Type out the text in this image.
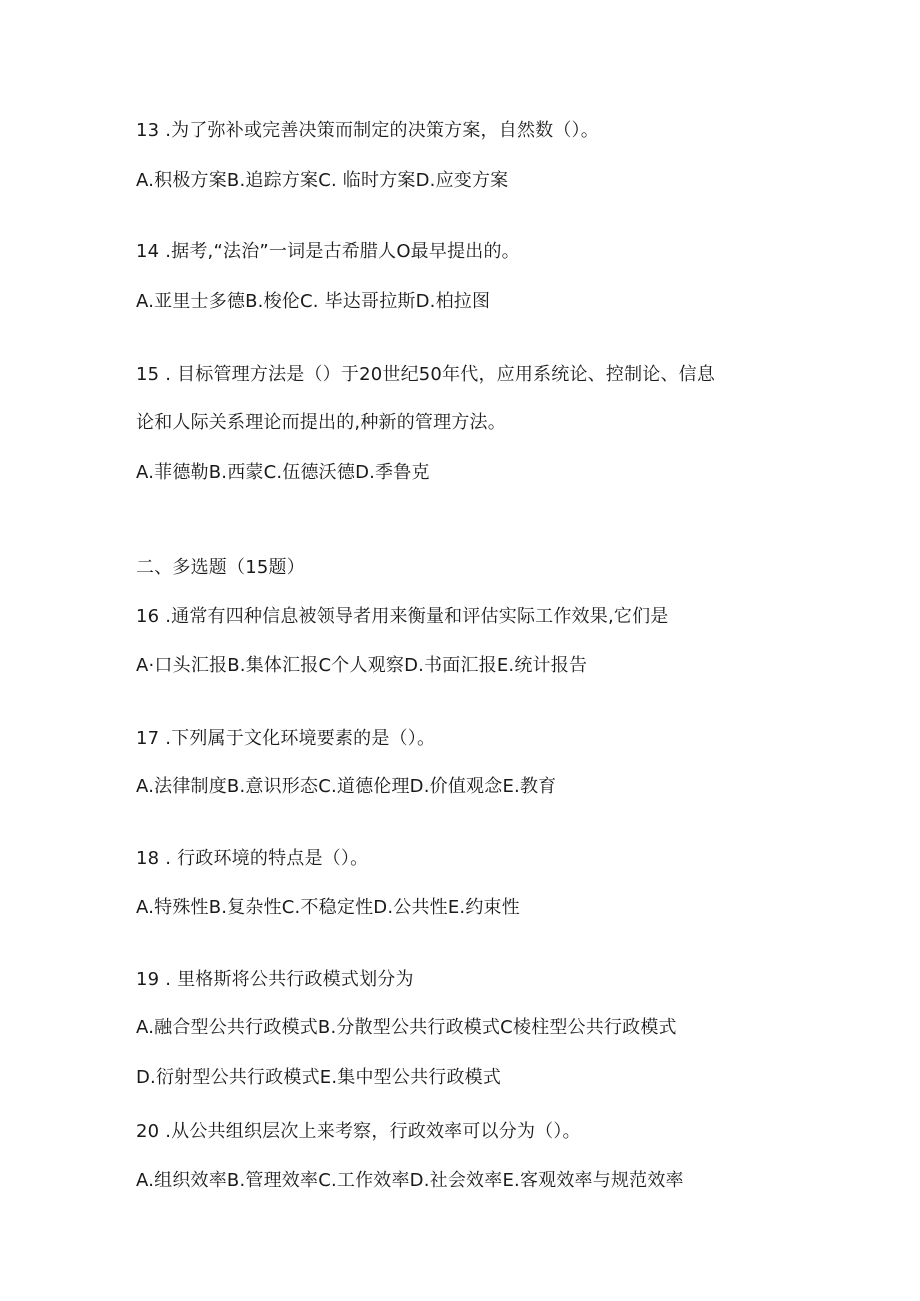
13 .为了弥补或完善决策而制定的决策方案，自然数（）。
A.积极方案B.追踪方案C. 临时方案D.应变方案
14 .据考,“法治”一词是古希腊人O最早提出的。
A.亚里士多德B.梭伦C. 毕达哥拉斯D.柏拉图
15 . 目标管理方法是（）于20世纪50年代，应用系统论、控制论、信息
论和人际关系理论而提出的,种新的管理方法。
A.菲德勒B.西蒙C.伍德沃德D.季鲁克
二、多选题（15题）
16 .通常有四种信息被领导者用来衡量和评估实际工作效果,它们是
A·口头汇报B.集体汇报C个人观察D.书面汇报E.统计报告
17 .下列属于文化环境要素的是（）。
A.法律制度B.意识形态C.道德伦理D.价值观念E.教育
18 . 行政环境的特点是（）。
A.特殊性B.复杂性C.不稳定性D.公共性E.约束性
19 . 里格斯将公共行政模式划分为
A.融合型公共行政模式B.分散型公共行政模式C棱柱型公共行政模式
D.衍射型公共行政模式E.集中型公共行政模式
20 .从公共组织层次上来考察，行政效率可以分为（）。
A.组织效率B.管理效率C.工作效率D.社会效率E.客观效率与规范效率
